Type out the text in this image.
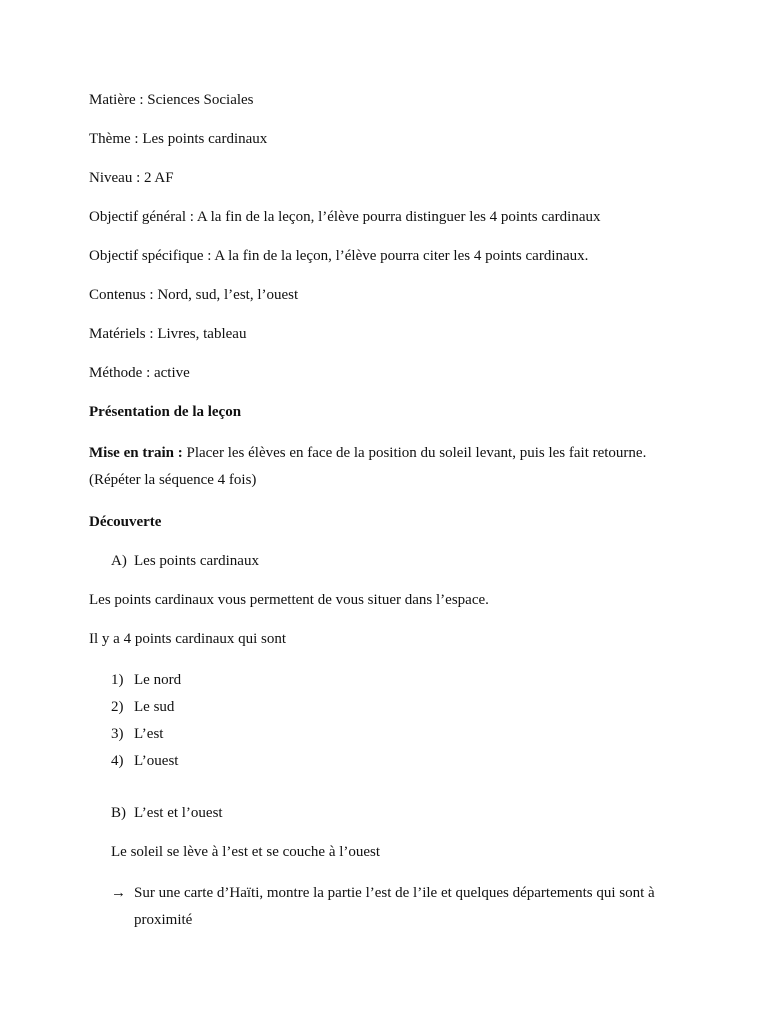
Matière : Sciences Sociales

Thème : Les points cardinaux

Niveau : 2 AF

Objectif général : A la fin de la leçon, l’élève pourra distinguer les 4 points cardinaux

Objectif spécifique : A la fin de la leçon, l’élève pourra citer les 4 points cardinaux.

Contenus : Nord, sud, l’est, l’ouest

Matériels : Livres, tableau

Méthode : active

Présentation de la leçon

Mise en train : Placer les élèves en face de la position du soleil levant, puis les fait retourne.
(Répéter la séquence 4 fois)

Découverte

A) Les points cardinaux

Les points cardinaux vous permettent de vous situer dans l’espace.

Il y a 4 points cardinaux qui sont

1) Le nord
2) Le sud
3) L’est
4) L’ouest
B) L’est et l’ouest

Le soleil se lève à l’est et se couche à l’ouest

→ Sur une carte d’Haïti, montre la partie l’est de l’ile et quelques départements qui sont à
proximité
